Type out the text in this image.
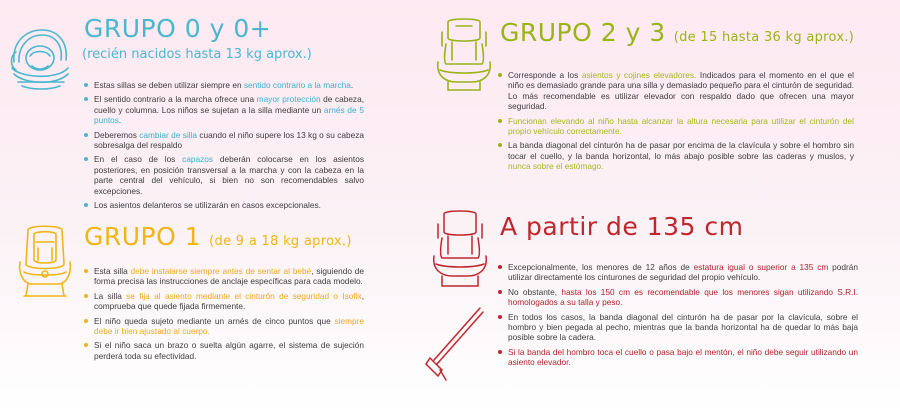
GRUPO 0 y 0+
(recién nacidos hasta 13 kg aprox.)
Estas sillas se deben utilizar siempre en sentido contrario a la marcha.
El sentido contrario a la marcha ofrece una mayor protección de cabeza, cuello y columna. Los niños se sujetan a la silla mediante un arnés de 5 puntos.
Deberemos cambiar de silla cuando el niño supere los 13 kg o su cabeza sobresalga del respaldo
En el caso de los capazos deberán colocarse en los asientos posteriores, en posición transversal a la marcha y con la cabeza en la parte central del vehículo, si bien no son recomendables salvo excepciones.
Los asientos delanteros se utilizarán en casos excepcionales.
GRUPO 1 (de 9 a 18 kg aprox.)
Esta silla debe instalarse siempre antes de sentar al bebé, siguiendo de forma precisa las instrucciones de anclaje específicas para cada modelo.
La silla se fija al asiento mediante el cinturón de seguridad o Isofix, comprueba que quede fijada firmemente.
El niño queda sujeto mediante un arnés de cinco puntos que siempre debe ir bien ajustado al cuerpo.
Si el niño saca un brazo o suelta algún agarre, el sistema de sujeción perderá toda su efectividad.
GRUPO 2 y 3 (de 15 hasta 36 kg aprox.)
Corresponde a los asientos y cojines elevadores. Indicados para el momento en el que el niño es demasiado grande para una silla y demasiado pequeño para el cinturón de seguridad. Lo más recomendable es utilizar elevador con respaldo dado que ofrecen una mayor seguridad.
Funcionan elevando al niño hasta alcanzar la altura necesaria para utilizar el cinturón del propio vehículo correctamente.
La banda diagonal del cinturón ha de pasar por encima de la clavícula y sobre el hombro sin tocar el cuello, y la banda horizontal, lo más abajo posible sobre las caderas y muslos, y nunca sobre el estómago.
A partir de 135 cm
Excepcionalmente, los menores de 12 años de estatura igual o superior a 135 cm podrán utilizar directamente los cinturones de seguridad del propio vehículo.
No obstante, hasta los 150 cm es recomendable que los menores sigan utilizando S.R.I. homologados a su talla y peso.
En todos los casos, la banda diagonal del cinturón ha de pasar por la clavícula, sobre el hombro y bien pegada al pecho, mientras que la banda horizontal ha de quedar lo más baja posible sobre la cadera.
Si la banda del hombro toca el cuello o pasa bajo el mentón, el niño debe seguir utilizando un asiento elevador.
